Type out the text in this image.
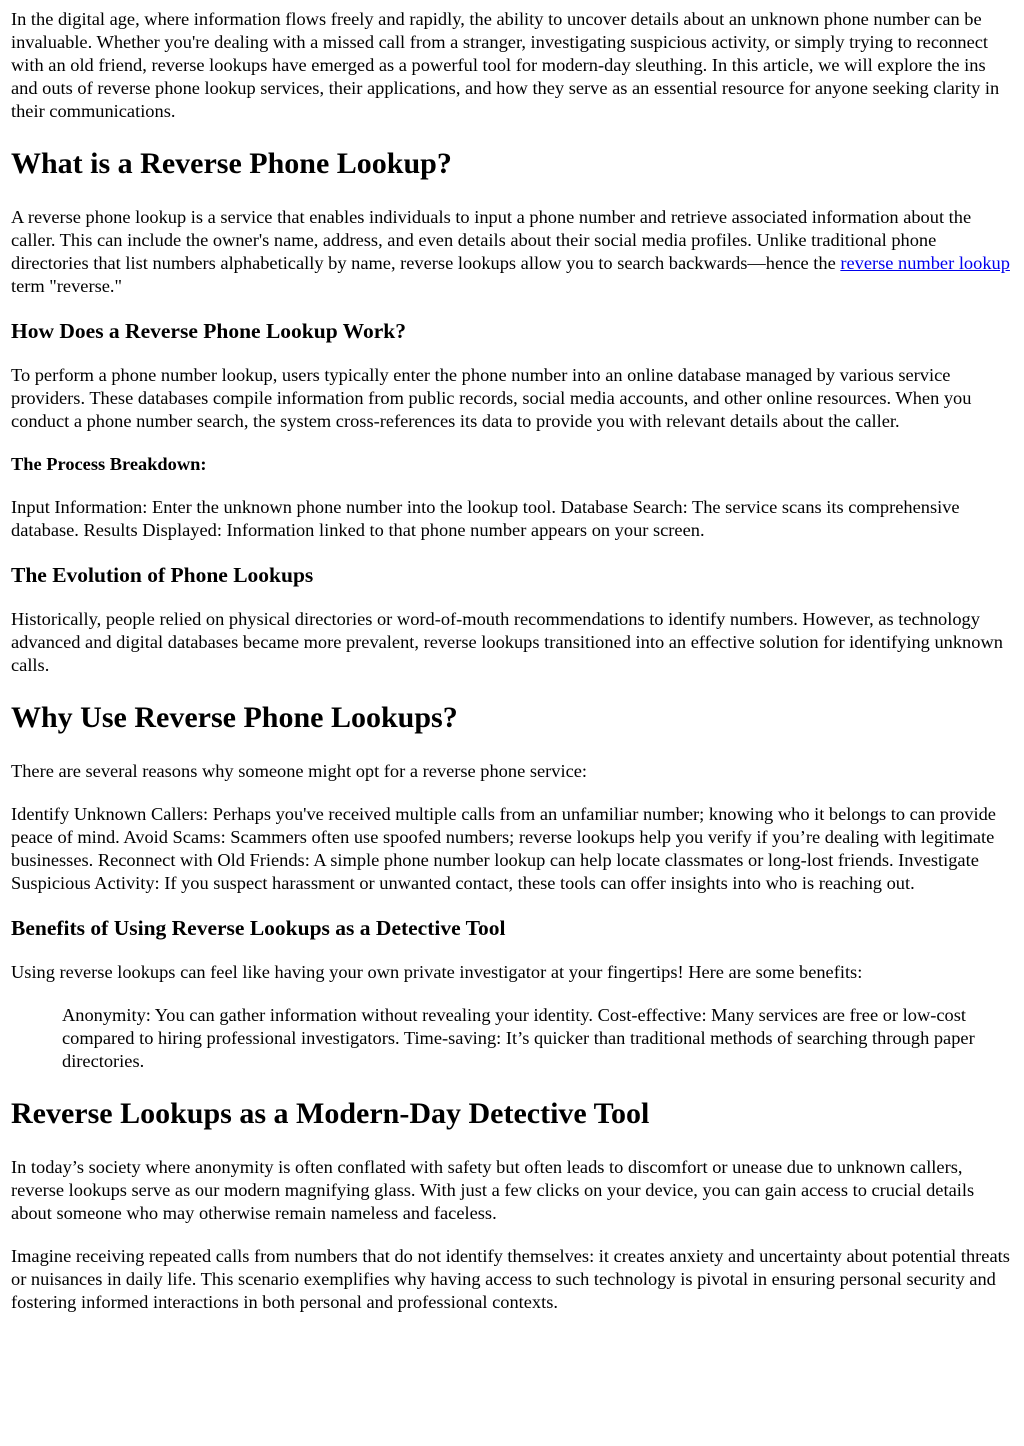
In the digital age, where information flows freely and rapidly, the ability to uncover details about an unknown phone number can be invaluable. Whether you're dealing with a missed call from a stranger, investigating suspicious activity, or simply trying to reconnect with an old friend, reverse lookups have emerged as a powerful tool for modern-day sleuthing. In this article, we will explore the ins and outs of reverse phone lookup services, their applications, and how they serve as an essential resource for anyone seeking clarity in their communications.

What is a Reverse Phone Lookup?

A reverse phone lookup is a service that enables individuals to input a phone number and retrieve associated information about the caller. This can include the owner's name, address, and even details about their social media profiles. Unlike traditional phone directories that list numbers alphabetically by name, reverse lookups allow you to search backwards—hence the reverse number lookup term "reverse."

How Does a Reverse Phone Lookup Work?

To perform a phone number lookup, users typically enter the phone number into an online database managed by various service providers. These databases compile information from public records, social media accounts, and other online resources. When you conduct a phone number search, the system cross-references its data to provide you with relevant details about the caller.

The Process Breakdown:

Input Information: Enter the unknown phone number into the lookup tool. Database Search: The service scans its comprehensive database. Results Displayed: Information linked to that phone number appears on your screen.

The Evolution of Phone Lookups

Historically, people relied on physical directories or word-of-mouth recommendations to identify numbers. However, as technology advanced and digital databases became more prevalent, reverse lookups transitioned into an effective solution for identifying unknown calls.

Why Use Reverse Phone Lookups?

There are several reasons why someone might opt for a reverse phone service:

Identify Unknown Callers: Perhaps you've received multiple calls from an unfamiliar number; knowing who it belongs to can provide peace of mind. Avoid Scams: Scammers often use spoofed numbers; reverse lookups help you verify if you’re dealing with legitimate businesses. Reconnect with Old Friends: A simple phone number lookup can help locate classmates or long-lost friends. Investigate Suspicious Activity: If you suspect harassment or unwanted contact, these tools can offer insights into who is reaching out.

Benefits of Using Reverse Lookups as a Detective Tool

Using reverse lookups can feel like having your own private investigator at your fingertips! Here are some benefits:

Anonymity: You can gather information without revealing your identity. Cost-effective: Many services are free or low-cost compared to hiring professional investigators. Time-saving: It’s quicker than traditional methods of searching through paper directories.
Reverse Lookups as a Modern-Day Detective Tool

In today’s society where anonymity is often conflated with safety but often leads to discomfort or unease due to unknown callers, reverse lookups serve as our modern magnifying glass. With just a few clicks on your device, you can gain access to crucial details about someone who may otherwise remain nameless and faceless.

Imagine receiving repeated calls from numbers that do not identify themselves: it creates anxiety and uncertainty about potential threats or nuisances in daily life. This scenario exemplifies why having access to such technology is pivotal in ensuring personal security and fostering informed interactions in both personal and professional contexts.
